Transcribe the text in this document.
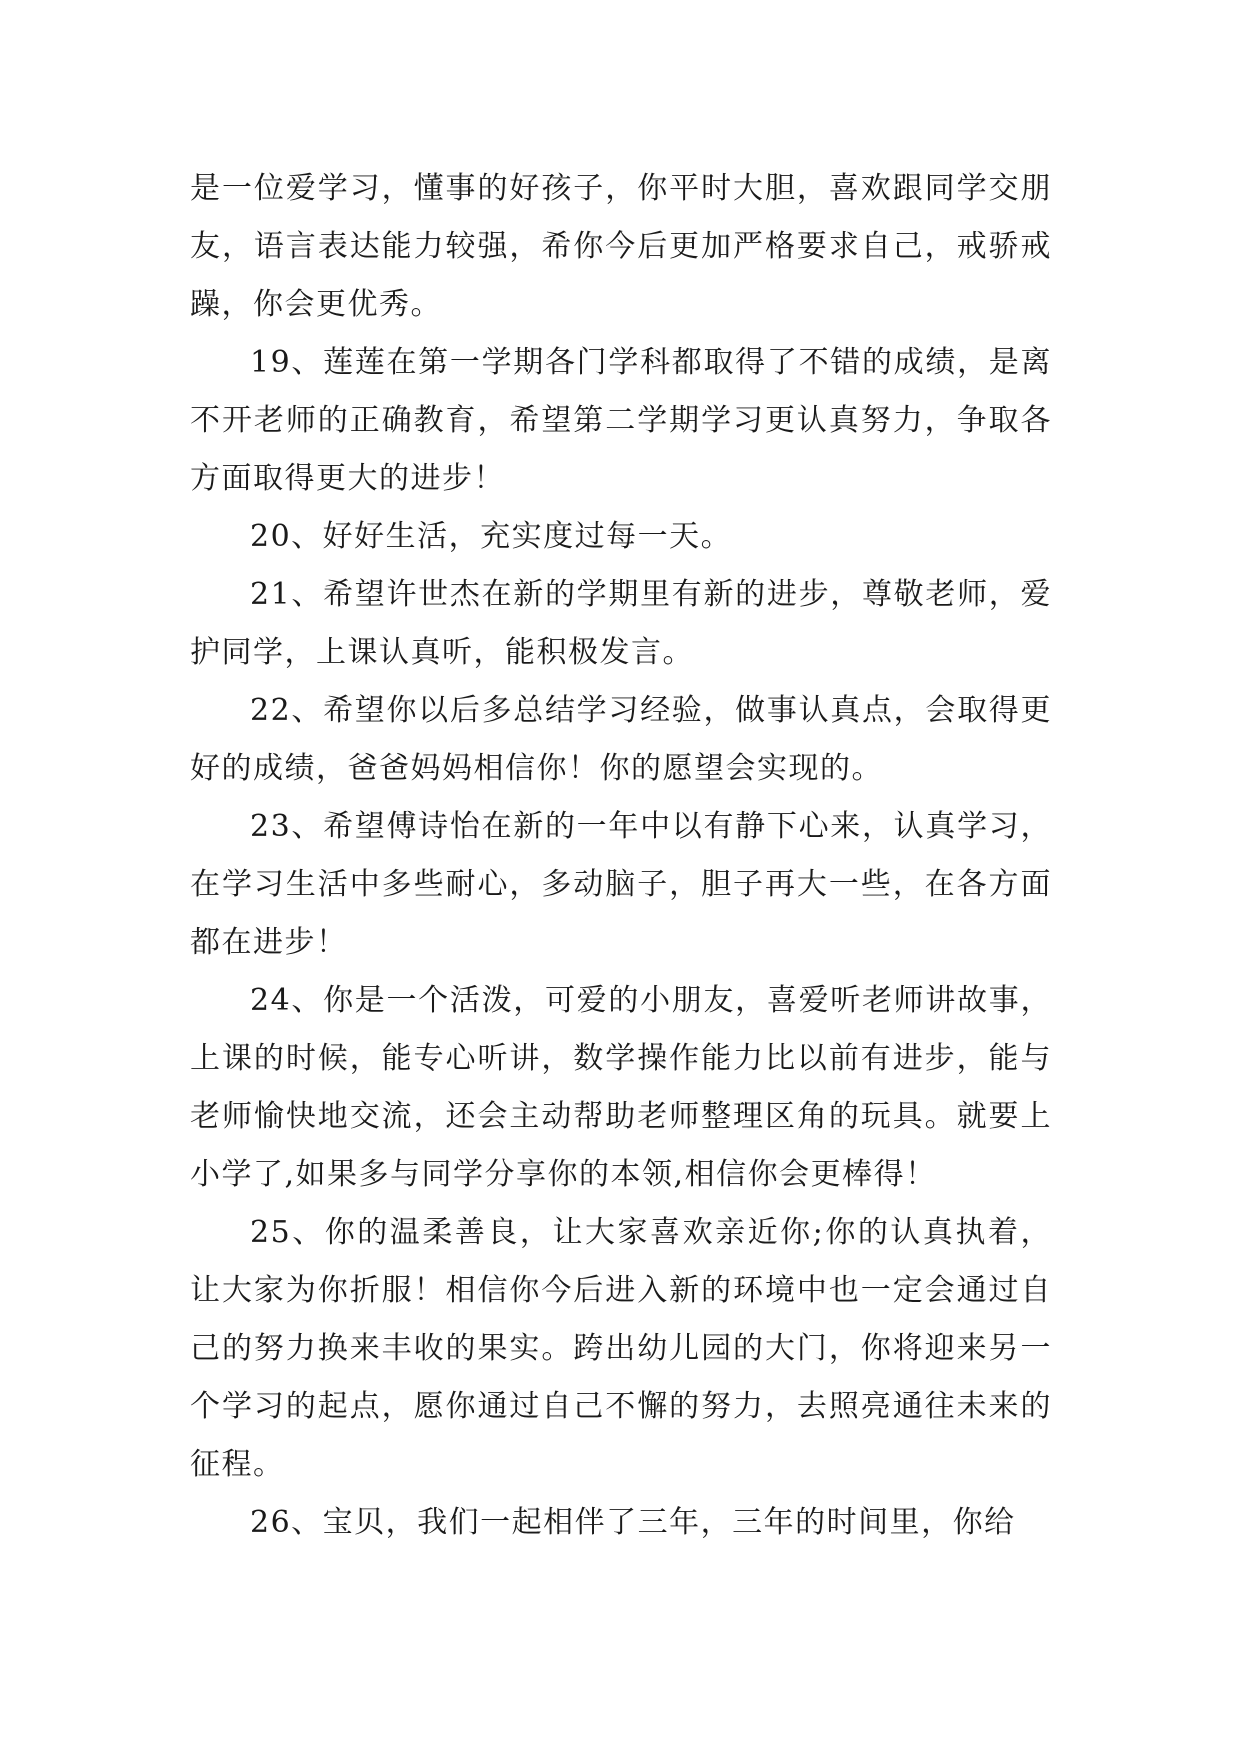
是一位爱学习，懂事的好孩子，你平时大胆，喜欢跟同学交朋友，语言表达能力较强，希你今后更加严格要求自己，戒骄戒躁，你会更优秀。

19、莲莲在第一学期各门学科都取得了不错的成绩，是离不开老师的正确教育，希望第二学期学习更认真努力，争取各方面取得更大的进步！

20、好好生活，充实度过每一天。

21、希望许世杰在新的学期里有新的进步，尊敬老师，爱护同学，上课认真听，能积极发言。

22、希望你以后多总结学习经验，做事认真点，会取得更好的成绩，爸爸妈妈相信你！你的愿望会实现的。

23、希望傅诗怡在新的一年中以有静下心来，认真学习，在学习生活中多些耐心，多动脑子，胆子再大一些，在各方面都在进步！

24、你是一个活泼，可爱的小朋友，喜爱听老师讲故事，上课的时候，能专心听讲，数学操作能力比以前有进步，能与老师愉快地交流，还会主动帮助老师整理区角的玩具。就要上小学了,如果多与同学分享你的本领,相信你会更棒得！

25、你的温柔善良，让大家喜欢亲近你;你的认真执着，让大家为你折服！相信你今后进入新的环境中也一定会通过自己的努力换来丰收的果实。跨出幼儿园的大门，你将迎来另一个学习的起点，愿你通过自己不懈的努力，去照亮通往未来的征程。

26、宝贝，我们一起相伴了三年，三年的时间里，你给
